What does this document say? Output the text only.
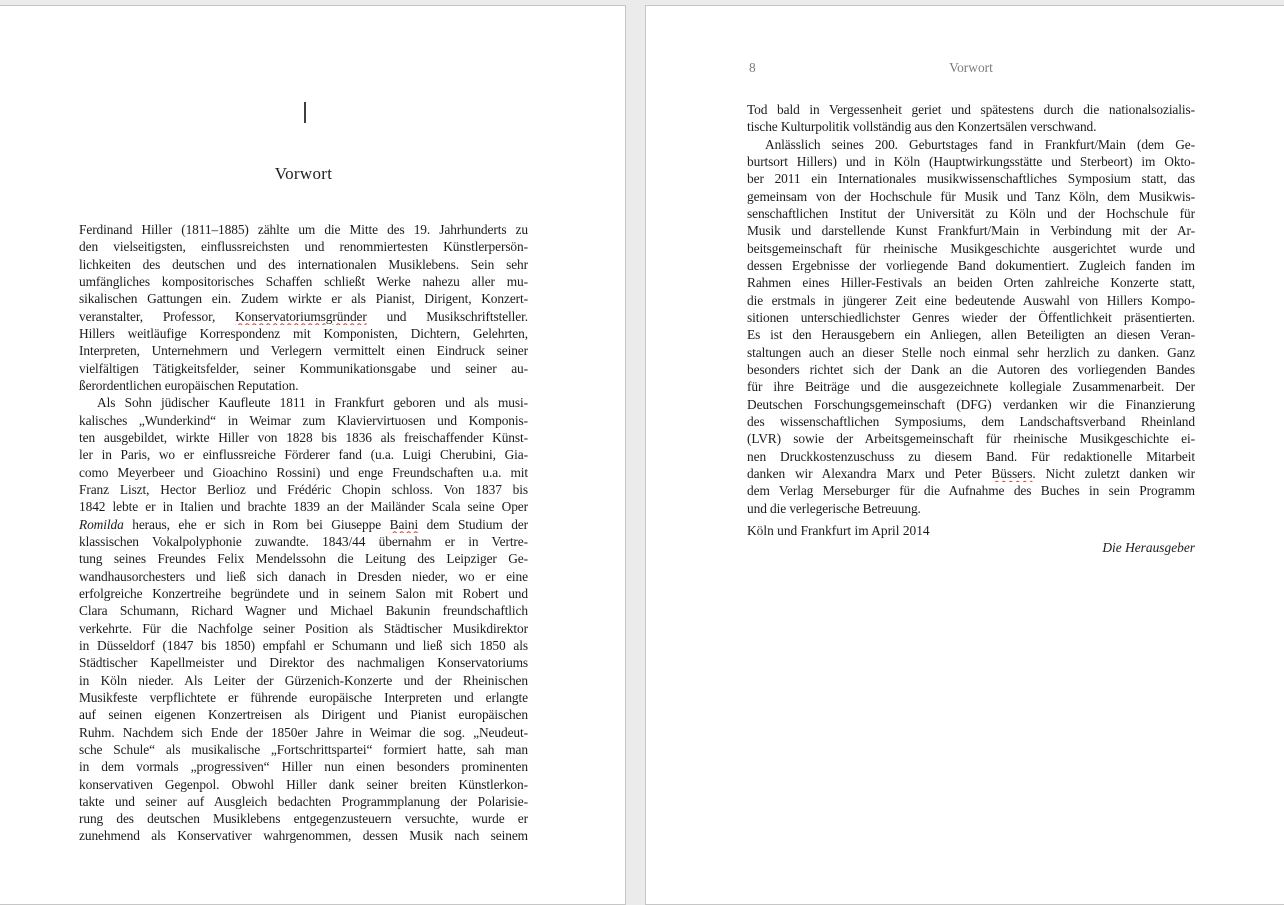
Vorwort
Ferdinand Hiller (1811–1885) zählte um die Mitte des 19. Jahrhunderts zu
den vielseitigsten, einflussreichsten und renommiertesten Künstlerpersön-
lichkeiten des deutschen und des internationalen Musiklebens. Sein sehr
umfängliches kompositorisches Schaffen schließt Werke nahezu aller mu-
sikalischen Gattungen ein. Zudem wirkte er als Pianist, Dirigent, Konzert-
veranstalter, Professor, Konservatoriumsgründer und Musikschriftsteller.
Hillers weitläufige Korrespondenz mit Komponisten, Dichtern, Gelehrten,
Interpreten, Unternehmern und Verlegern vermittelt einen Eindruck seiner
vielfältigen Tätigkeitsfelder, seiner Kommunikationsgabe und seiner au-
ßerordentlichen europäischen Reputation.
Als Sohn jüdischer Kaufleute 1811 in Frankfurt geboren und als musi-
kalisches „Wunderkind“ in Weimar zum Klaviervirtuosen und Komponis-
ten ausgebildet, wirkte Hiller von 1828 bis 1836 als freischaffender Künst-
ler in Paris, wo er einflussreiche Förderer fand (u.a. Luigi Cherubini, Gia-
como Meyerbeer und Gioachino Rossini) und enge Freundschaften u.a. mit
Franz Liszt, Hector Berlioz und Frédéric Chopin schloss. Von 1837 bis
1842 lebte er in Italien und brachte 1839 an der Mailänder Scala seine Oper
Romilda heraus, ehe er sich in Rom bei Giuseppe Baini dem Studium der
klassischen Vokalpolyphonie zuwandte. 1843/44 übernahm er in Vertre-
tung seines Freundes Felix Mendelssohn die Leitung des Leipziger Ge-
wandhausorchesters und ließ sich danach in Dresden nieder, wo er eine
erfolgreiche Konzertreihe begründete und in seinem Salon mit Robert und
Clara Schumann, Richard Wagner und Michael Bakunin freundschaftlich
verkehrte. Für die Nachfolge seiner Position als Städtischer Musikdirektor
in Düsseldorf (1847 bis 1850) empfahl er Schumann und ließ sich 1850 als
Städtischer Kapellmeister und Direktor des nachmaligen Konservatoriums
in Köln nieder. Als Leiter der Gürzenich-Konzerte und der Rheinischen
Musikfeste verpflichtete er führende europäische Interpreten und erlangte
auf seinen eigenen Konzertreisen als Dirigent und Pianist europäischen
Ruhm. Nachdem sich Ende der 1850er Jahre in Weimar die sog. „Neudeut-
sche Schule“ als musikalische „Fortschrittspartei“ formiert hatte, sah man
in dem vormals „progressiven“ Hiller nun einen besonders prominenten
konservativen Gegenpol. Obwohl Hiller dank seiner breiten Künstlerkon-
takte und seiner auf Ausgleich bedachten Programmplanung der Polarisie-
rung des deutschen Musiklebens entgegenzusteuern versuchte, wurde er
zunehmend als Konservativer wahrgenommen, dessen Musik nach seinem
8	Vorwort
Tod bald in Vergessenheit geriet und spätestens durch die nationalsozialis-
tische Kulturpolitik vollständig aus den Konzertsälen verschwand.
Anlässlich seines 200. Geburtstages fand in Frankfurt/Main (dem Ge-
burtsort Hillers) und in Köln (Hauptwirkungsstätte und Sterbeort) im Okto-
ber 2011 ein Internationales musikwissenschaftliches Symposium statt, das
gemeinsam von der Hochschule für Musik und Tanz Köln, dem Musikwis-
senschaftlichen Institut der Universität zu Köln und der Hochschule für
Musik und darstellende Kunst Frankfurt/Main in Verbindung mit der Ar-
beitsgemeinschaft für rheinische Musikgeschichte ausgerichtet wurde und
dessen Ergebnisse der vorliegende Band dokumentiert. Zugleich fanden im
Rahmen eines Hiller-Festivals an beiden Orten zahlreiche Konzerte statt,
die erstmals in jüngerer Zeit eine bedeutende Auswahl von Hillers Kompo-
sitionen unterschiedlichster Genres wieder der Öffentlichkeit präsentierten.
Es ist den Herausgebern ein Anliegen, allen Beteiligten an diesen Veran-
staltungen auch an dieser Stelle noch einmal sehr herzlich zu danken. Ganz
besonders richtet sich der Dank an die Autoren des vorliegenden Bandes
für ihre Beiträge und die ausgezeichnete kollegiale Zusammenarbeit. Der
Deutschen Forschungsgemeinschaft (DFG) verdanken wir die Finanzierung
des wissenschaftlichen Symposiums, dem Landschaftsverband Rheinland
(LVR) sowie der Arbeitsgemeinschaft für rheinische Musikgeschichte ei-
nen Druckkostenzuschuss zu diesem Band. Für redaktionelle Mitarbeit
danken wir Alexandra Marx und Peter Büssers. Nicht zuletzt danken wir
dem Verlag Merseburger für die Aufnahme des Buches in sein Programm
und die verlegerische Betreuung.
Köln und Frankfurt im April 2014
Die Herausgeber
